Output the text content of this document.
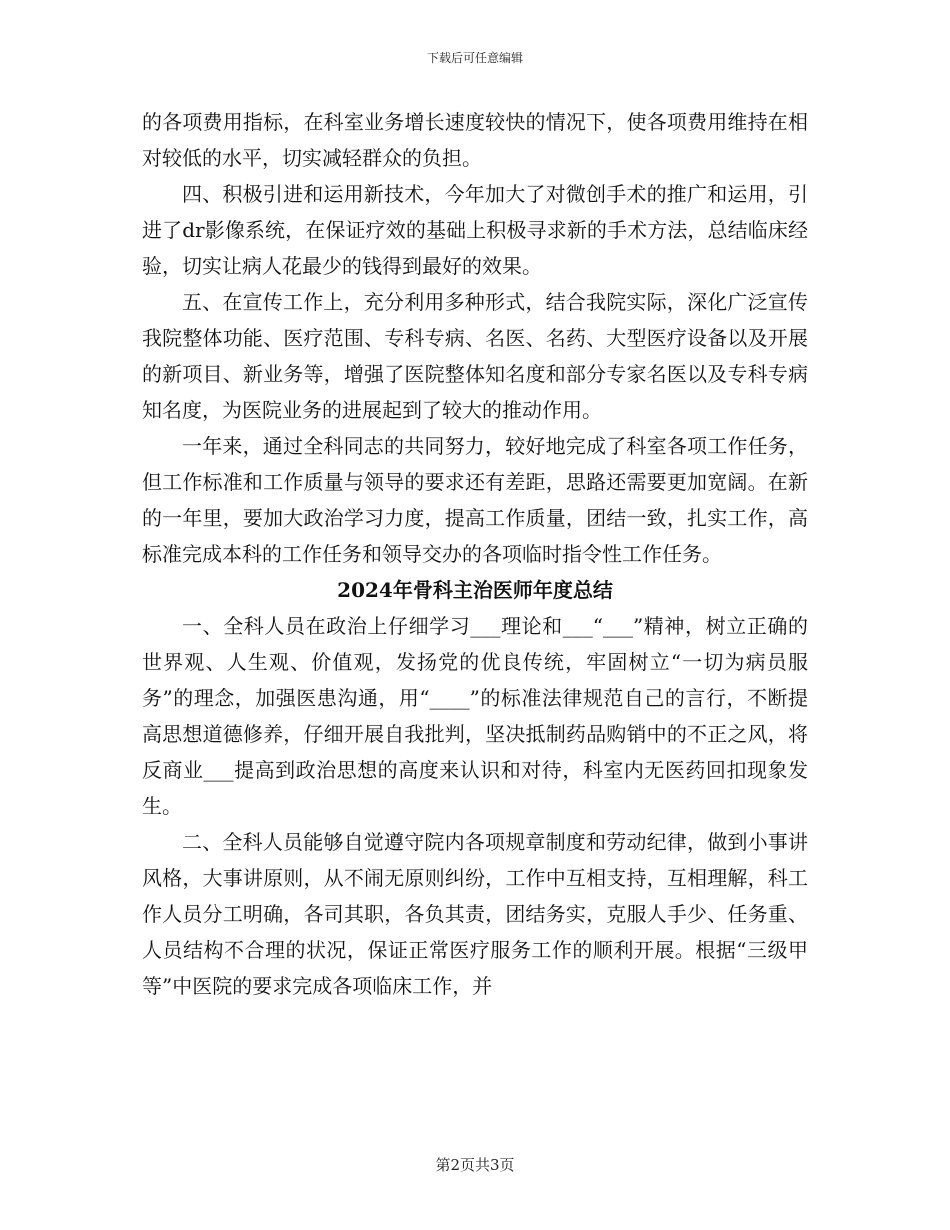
下载后可任意编辑

的各项费用指标，在科室业务增长速度较快的情况下，使各项费用维持在相对较低的水平，切实减轻群众的负担。

四、积极引进和运用新技术，今年加大了对微创手术的推广和运用，引进了dr影像系统，在保证疗效的基础上积极寻求新的手术方法，总结临床经验，切实让病人花最少的钱得到最好的效果。

五、在宣传工作上，充分利用多种形式，结合我院实际，深化广泛宣传我院整体功能、医疗范围、专科专病、名医、名药、大型医疗设备以及开展的新项目、新业务等，增强了医院整体知名度和部分专家名医以及专科专病知名度，为医院业务的进展起到了较大的推动作用。

一年来，通过全科同志的共同努力，较好地完成了科室各项工作任务，但工作标准和工作质量与领导的要求还有差距，思路还需要更加宽阔。在新的一年里，要加大政治学习力度，提高工作质量，团结一致，扎实工作，高标准完成本科的工作任务和领导交办的各项临时指令性工作任务。

2024年骨科主治医师年度总结

一、全科人员在政治上仔细学习___理论和___“___”精神，树立正确的世界观、人生观、价值观，发扬党的优良传统，牢固树立“一切为病员服务”的理念，加强医患沟通，用“____”的标准法律规范自己的言行，不断提高思想道德修养，仔细开展自我批判，坚决抵制药品购销中的不正之风，将反商业___提高到政治思想的高度来认识和对待，科室内无医药回扣现象发生。

二、全科人员能够自觉遵守院内各项规章制度和劳动纪律，做到小事讲风格，大事讲原则，从不闹无原则纠纷，工作中互相支持，互相理解，科工作人员分工明确，各司其职，各负其责，团结务实，克服人手少、任务重、人员结构不合理的状况，保证正常医疗服务工作的顺利开展。根据“三级甲等”中医院的要求完成各项临床工作，并

第2页共3页
